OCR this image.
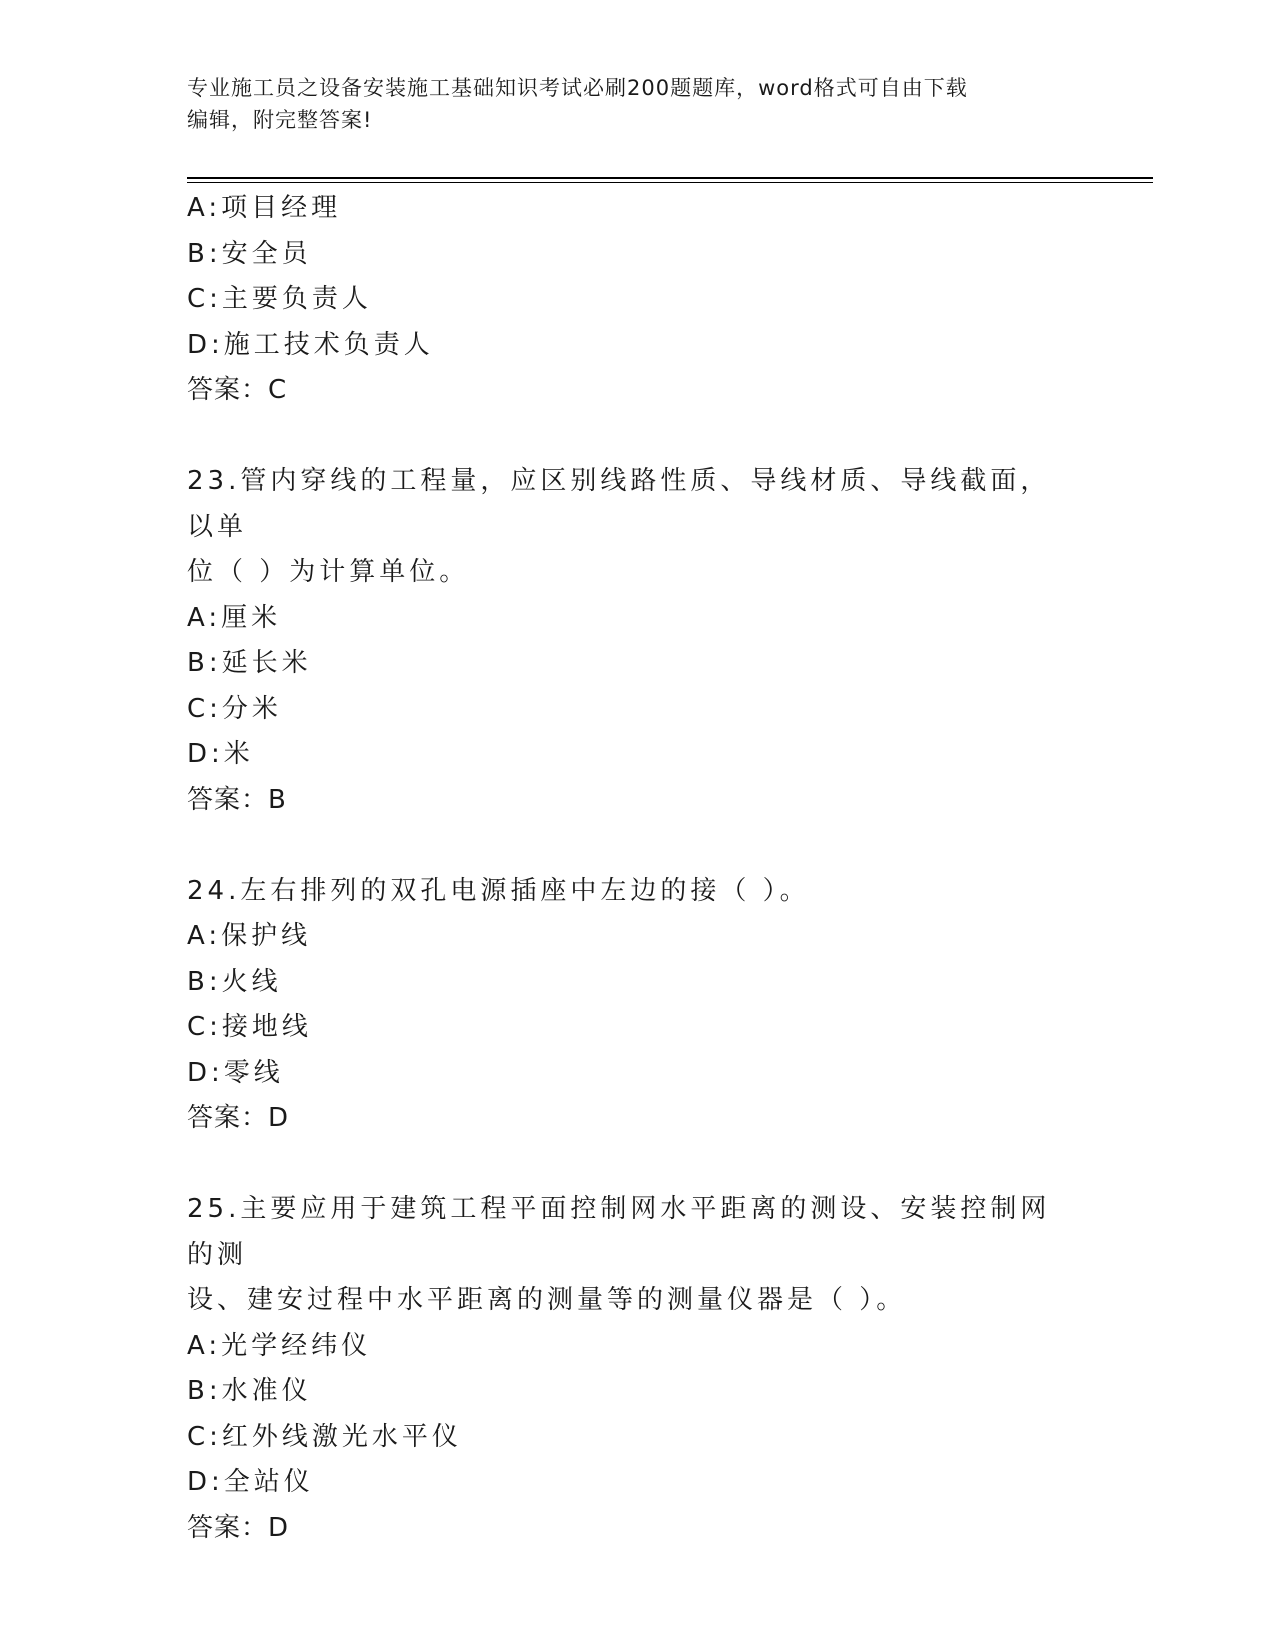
专业施工员之设备安装施工基础知识考试必刷200题题库，word格式可自由下载
编辑，附完整答案!
A:项目经理
B:安全员
C:主要负责人
D:施工技术负责人
答案：C
23.管内穿线的工程量，应区别线路性质、导线材质、导线截面，以单
位（ ）为计算单位。
A:厘米
B:延长米
C:分米
D:米
答案：B
24.左右排列的双孔电源插座中左边的接（ ）。
A:保护线
B:火线
C:接地线
D:零线
答案：D
25.主要应用于建筑工程平面控制网水平距离的测设、安装控制网的测
设、建安过程中水平距离的测量等的测量仪器是（ ）。
A:光学经纬仪
B:水准仪
C:红外线激光水平仪
D:全站仪
答案：D
